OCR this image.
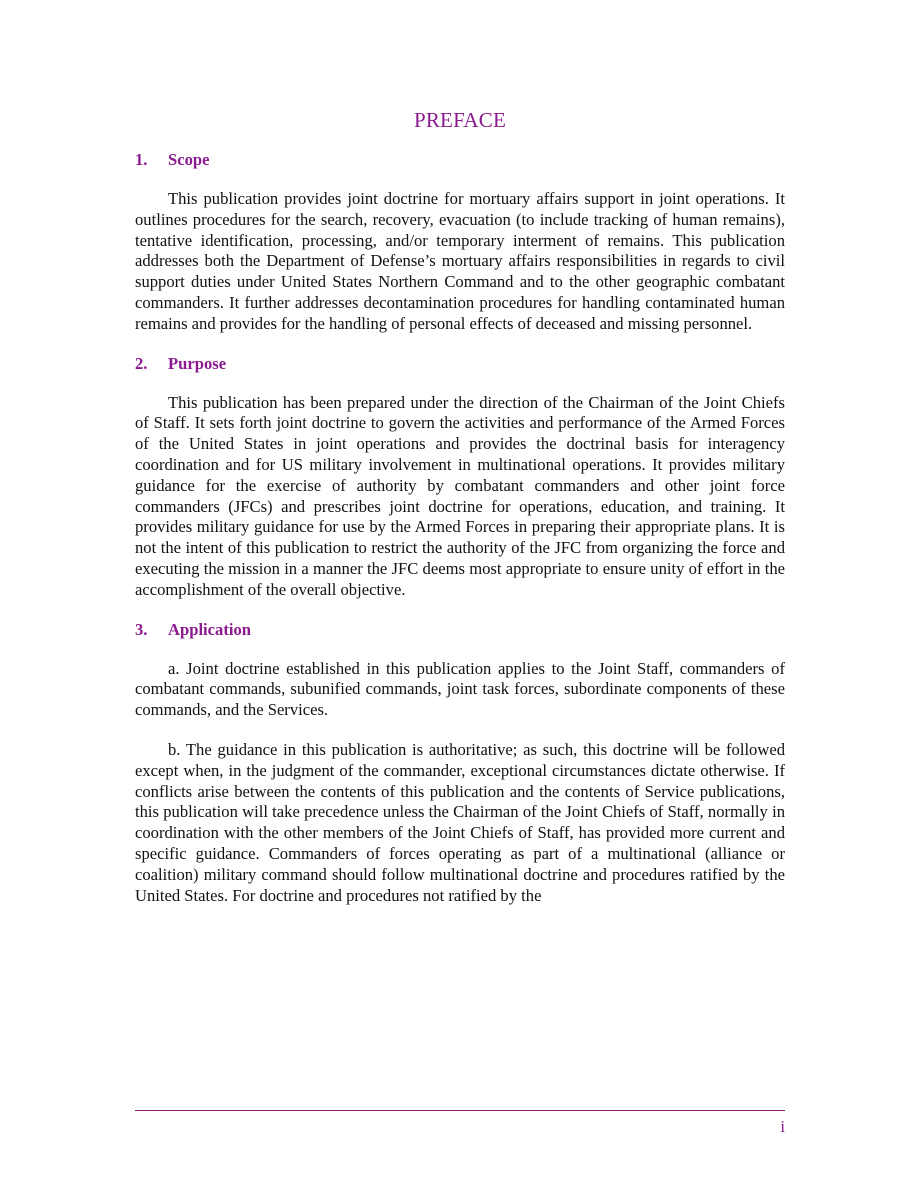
PREFACE

1. Scope

This publication provides joint doctrine for mortuary affairs support in joint operations. It outlines procedures for the search, recovery, evacuation (to include tracking of human remains), tentative identification, processing, and/or temporary interment of remains. This publication addresses both the Department of Defense’s mortuary affairs responsibilities in regards to civil support duties under United States Northern Command and to the other geographic combatant commanders. It further addresses decontamination procedures for handling contaminated human remains and provides for the handling of personal effects of deceased and missing personnel.

2. Purpose

This publication has been prepared under the direction of the Chairman of the Joint Chiefs of Staff. It sets forth joint doctrine to govern the activities and performance of the Armed Forces of the United States in joint operations and provides the doctrinal basis for interagency coordination and for US military involvement in multinational operations. It provides military guidance for the exercise of authority by combatant commanders and other joint force commanders (JFCs) and prescribes joint doctrine for operations, education, and training. It provides military guidance for use by the Armed Forces in preparing their appropriate plans. It is not the intent of this publication to restrict the authority of the JFC from organizing the force and executing the mission in a manner the JFC deems most appropriate to ensure unity of effort in the accomplishment of the overall objective.

3. Application

a. Joint doctrine established in this publication applies to the Joint Staff, commanders of combatant commands, subunified commands, joint task forces, subordinate components of these commands, and the Services.

b. The guidance in this publication is authoritative; as such, this doctrine will be followed except when, in the judgment of the commander, exceptional circumstances dictate otherwise. If conflicts arise between the contents of this publication and the contents of Service publications, this publication will take precedence unless the Chairman of the Joint Chiefs of Staff, normally in coordination with the other members of the Joint Chiefs of Staff, has provided more current and specific guidance. Commanders of forces operating as part of a multinational (alliance or coalition) military command should follow multinational doctrine and procedures ratified by the United States. For doctrine and procedures not ratified by the

i
